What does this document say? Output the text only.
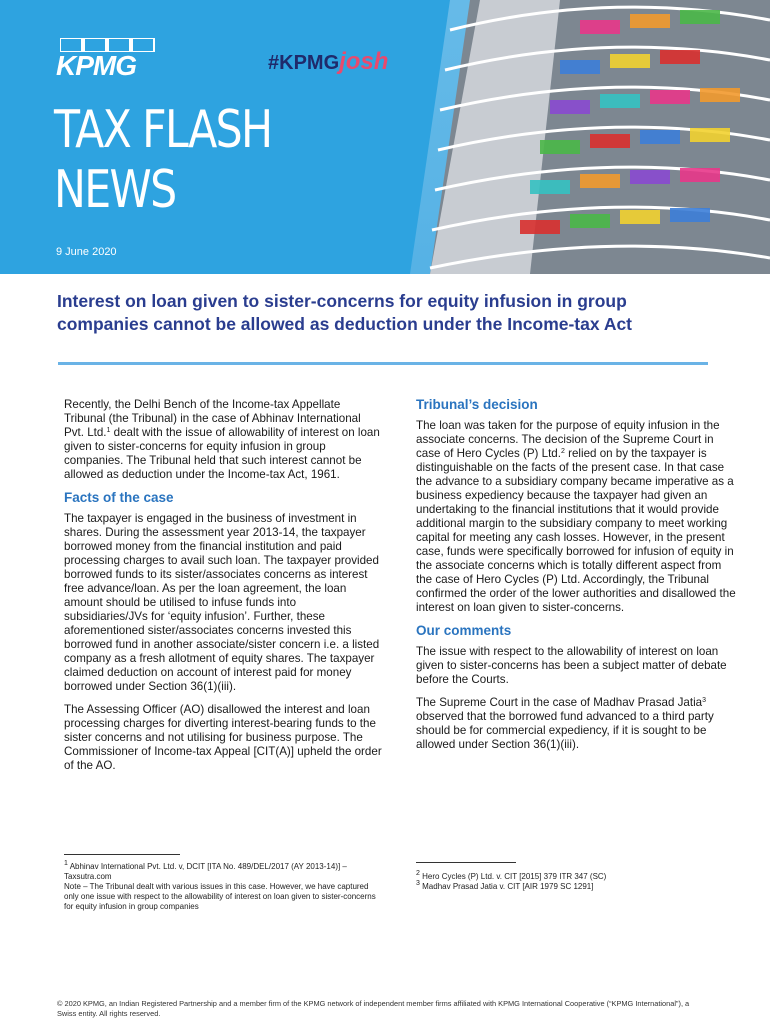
KPMG	#KPMGjosh
TAX FLASH
NEWS
9 June 2020
Interest on loan given to sister-concerns for equity infusion in group
companies cannot be allowed as deduction under the Income-tax Act

Recently, the Delhi Bench of the Income-tax Appellate Tribunal (the Tribunal) in the case of Abhinav International Pvt. Ltd.$^1$ dealt with the issue of allowability of interest on loan given to sister-concerns for equity infusion in group companies. The Tribunal held that such interest cannot be allowed as deduction under the Income-tax Act, 1961.

Facts of the case

The taxpayer is engaged in the business of investment in shares. During the assessment year 2013-14, the taxpayer borrowed money from the financial institution and paid processing charges to avail such loan. The taxpayer provided borrowed funds to its sister/associates concerns as interest free advance/loan. As per the loan agreement, the loan amount should be utilised to infuse funds into subsidiaries/JVs for ‘equity infusion’. Further, these aforementioned sister/associates concerns invested this borrowed fund in another associate/sister concern i.e. a listed company as a fresh allotment of equity shares. The taxpayer claimed deduction on account of interest paid for money borrowed under Section 36(1)(iii).

The Assessing Officer (AO) disallowed the interest and loan processing charges for diverting interest-bearing funds to the sister concerns and not utilising for business purpose. The Commissioner of Income-tax Appeal [CIT(A)] upheld the order of the AO.

Tribunal’s decision

The loan was taken for the purpose of equity infusion in the associate concerns. The decision of the Supreme Court in case of Hero Cycles (P) Ltd.$^2$ relied on by the taxpayer is distinguishable on the facts of the present case. In that case the advance to a subsidiary company became imperative as a business expediency because the taxpayer had given an undertaking to the financial institutions that it would provide additional margin to the subsidiary company to meet working capital for meeting any cash losses. However, in the present case, funds were specifically borrowed for infusion of equity in the associate concerns which is totally different aspect from the case of Hero Cycles (P) Ltd. Accordingly, the Tribunal confirmed the order of the lower authorities and disallowed the interest on loan given to sister-concerns.

Our comments

The issue with respect to the allowability of interest on loan given to sister-concerns has been a subject matter of debate before the Courts.

The Supreme Court in the case of Madhav Prasad Jatia$^3$ observed that the borrowed fund advanced to a third party should be for commercial expediency, if it is sought to be allowed under Section 36(1)(iii).

$^1$ Abhinav International Pvt. Ltd. v, DCIT [ITA No. 489/DEL/2017 (AY 2013-14)] – Taxsutra.com
Note – The Tribunal dealt with various issues in this case. However, we have captured only one issue with respect to the allowability of interest on loan given to sister-concerns for equity infusion in group companies
$^2$ Hero Cycles (P) Ltd. v. CIT [2015] 379 ITR 347 (SC)
$^3$ Madhav Prasad Jatia v. CIT [AIR 1979 SC 1291]
© 2020 KPMG, an Indian Registered Partnership and a member firm of the KPMG network of independent member firms affiliated with KPMG International Cooperative (“KPMG International”), a Swiss entity. All rights reserved.
